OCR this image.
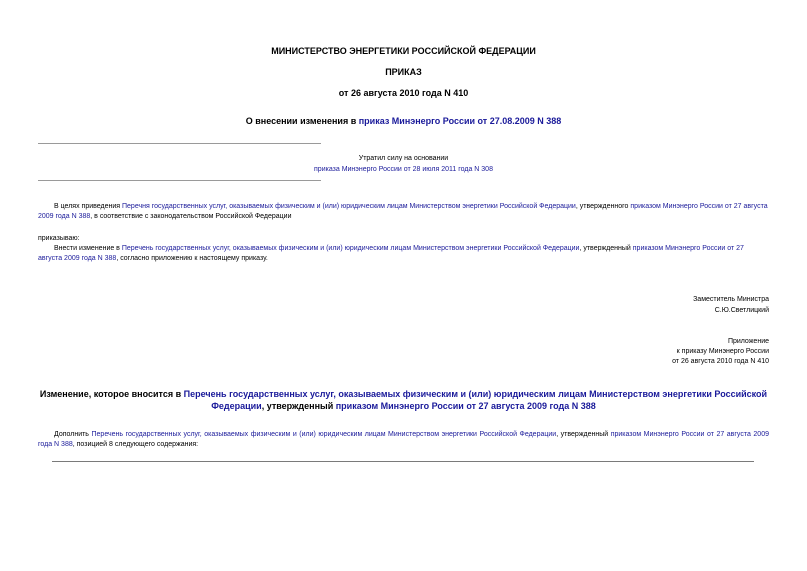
МИНИСТЕРСТВО ЭНЕРГЕТИКИ РОССИЙСКОЙ ФЕДЕРАЦИИ
ПРИКАЗ
от 26 августа 2010 года N 410
О внесении изменения в приказ Минэнерго России от 27.08.2009 N 388
Утратил силу на основании
приказа Минэнерго России от 28 июля 2011 года N 308
В целях приведения Перечня государственных услуг, оказываемых физическим и (или) юридическим лицам Министерством энергетики Российской Федерации, утвержденного приказом Минэнерго России от 27 августа 2009 года N 388, в соответствие с законодательством Российской Федерации
приказываю:
Внести изменение в Перечень государственных услуг, оказываемых физическим и (или) юридическим лицам Министерством энергетики Российской Федерации, утвержденный приказом Минэнерго России от 27 августа 2009 года N 388, согласно приложению к настоящему приказу.
Заместитель Министра
С.Ю.Светлицкий
Приложение
к приказу Минэнерго России
от 26 августа 2010 года N 410
Изменение, которое вносится в Перечень государственных услуг, оказываемых физическим и (или) юридическим лицам Министерством энергетики Российской Федерации, утвержденный приказом Минэнерго России от 27 августа 2009 года N 388
Дополнить Перечень государственных услуг, оказываемых физическим и (или) юридическим лицам Министерством энергетики Российской Федерации, утвержденный приказом Минэнерго России от 27 августа 2009 года N 388, позицией 8 следующего содержания:
